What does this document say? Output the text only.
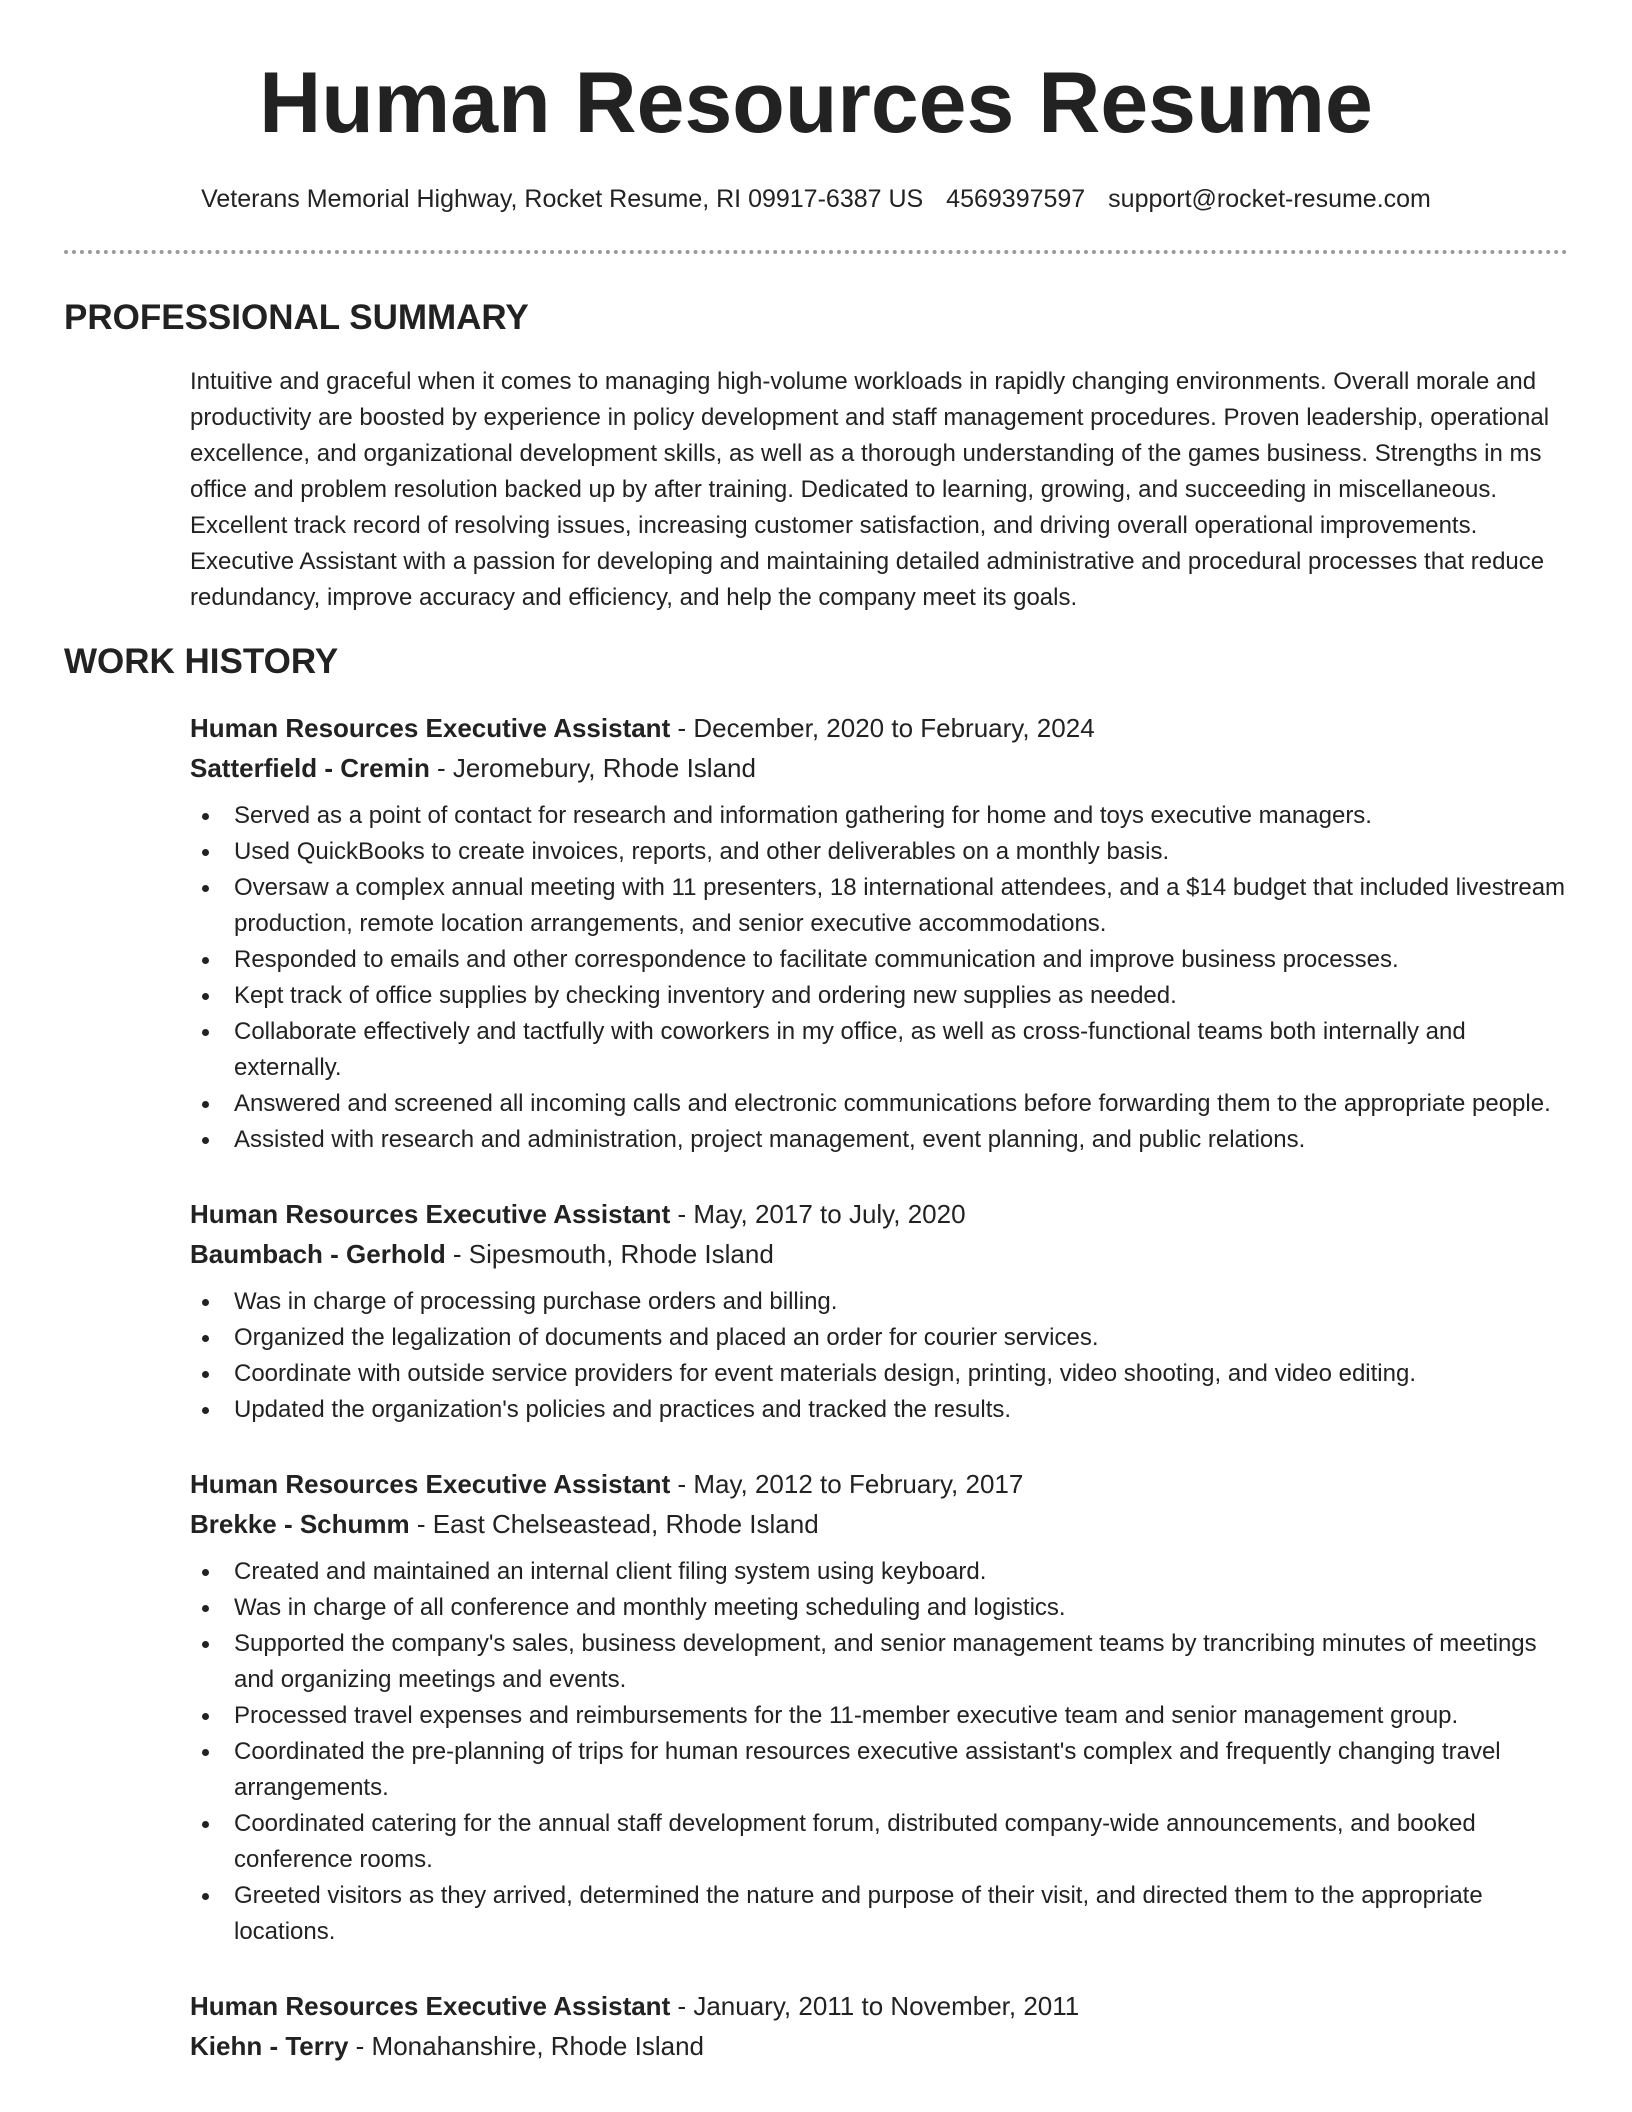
Human Resources Resume
Veterans Memorial Highway, Rocket Resume, RI 09917-6387 US 4569397597 support@rocket-resume.com
PROFESSIONAL SUMMARY

Intuitive and graceful when it comes to managing high-volume workloads in rapidly changing environments. Overall morale and productivity are boosted by experience in policy development and staff management procedures. Proven leadership, operational excellence, and organizational development skills, as well as a thorough understanding of the games business. Strengths in ms office and problem resolution backed up by after training. Dedicated to learning, growing, and succeeding in miscellaneous. Excellent track record of resolving issues, increasing customer satisfaction, and driving overall operational improvements. Executive Assistant with a passion for developing and maintaining detailed administrative and procedural processes that reduce redundancy, improve accuracy and efficiency, and help the company meet its goals.

WORK HISTORY
Human Resources Executive Assistant - December, 2020 to February, 2024
Satterfield - Cremin - Jeromebury, Rhode Island
Served as a point of contact for research and information gathering for home and toys executive managers.
Used QuickBooks to create invoices, reports, and other deliverables on a monthly basis.
Oversaw a complex annual meeting with 11 presenters, 18 international attendees, and a $14 budget that included livestream production, remote location arrangements, and senior executive accommodations.
Responded to emails and other correspondence to facilitate communication and improve business processes.
Kept track of office supplies by checking inventory and ordering new supplies as needed.
Collaborate effectively and tactfully with coworkers in my office, as well as cross-functional teams both internally and externally.
Answered and screened all incoming calls and electronic communications before forwarding them to the appropriate people.
Assisted with research and administration, project management, event planning, and public relations.
Human Resources Executive Assistant - May, 2017 to July, 2020
Baumbach - Gerhold - Sipesmouth, Rhode Island
Was in charge of processing purchase orders and billing.
Organized the legalization of documents and placed an order for courier services.
Coordinate with outside service providers for event materials design, printing, video shooting, and video editing.
Updated the organization's policies and practices and tracked the results.
Human Resources Executive Assistant - May, 2012 to February, 2017
Brekke - Schumm - East Chelseastead, Rhode Island
Created and maintained an internal client filing system using keyboard.
Was in charge of all conference and monthly meeting scheduling and logistics.
Supported the company's sales, business development, and senior management teams by trancribing minutes of meetings and organizing meetings and events.
Processed travel expenses and reimbursements for the 11-member executive team and senior management group.
Coordinated the pre-planning of trips for human resources executive assistant's complex and frequently changing travel arrangements.
Coordinated catering for the annual staff development forum, distributed company-wide announcements, and booked conference rooms.
Greeted visitors as they arrived, determined the nature and purpose of their visit, and directed them to the appropriate locations.
Human Resources Executive Assistant - January, 2011 to November, 2011
Kiehn - Terry - Monahanshire, Rhode Island
